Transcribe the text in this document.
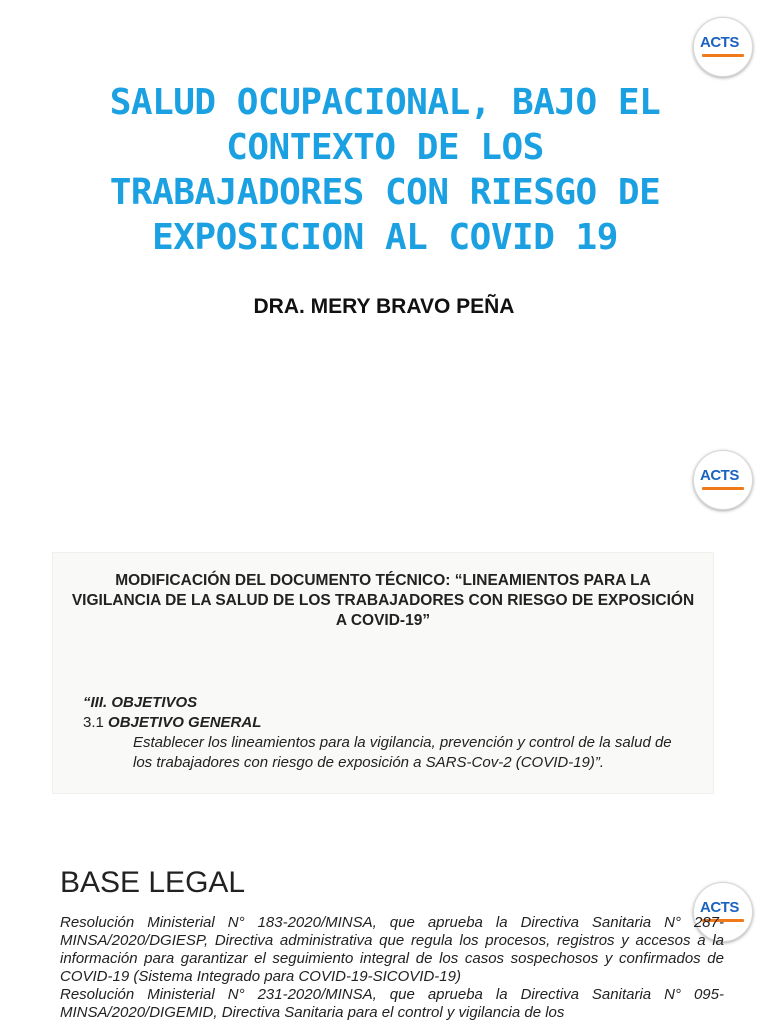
ACTS
SALUD OCUPACIONAL, BAJO EL
CONTEXTO DE LOS
TRABAJADORES CON RIESGO DE
EXPOSICION AL COVID 19
DRA. MERY BRAVO PEÑA
ACTS
MODIFICACIÓN DEL DOCUMENTO TÉCNICO: “LINEAMIENTOS PARA LA
VIGILANCIA DE LA SALUD DE LOS TRABAJADORES CON RIESGO DE EXPOSICIÓN
A COVID-19”

“III. OBJETIVOS

3.1 OBJETIVO GENERAL

Establecer los lineamientos para la vigilancia, prevención y control de la salud de los trabajadores con riesgo de exposición a SARS-Cov-2 (COVID-19)”.

BASE LEGAL
ACTS

Resolución Ministerial N° 183-2020/MINSA, que aprueba la Directiva Sanitaria N° 287-MINSA/2020/DGIESP, Directiva administrativa que regula los procesos, registros y accesos a la información para garantizar el seguimiento integral de los casos sospechosos y confirmados de COVID-19 (Sistema Integrado para COVID-19-SICOVID-19)

Resolución Ministerial N° 231-2020/MINSA, que aprueba la Directiva Sanitaria N° 095-MINSA/2020/DIGEMID, Directiva Sanitaria para el control y vigilancia de los
